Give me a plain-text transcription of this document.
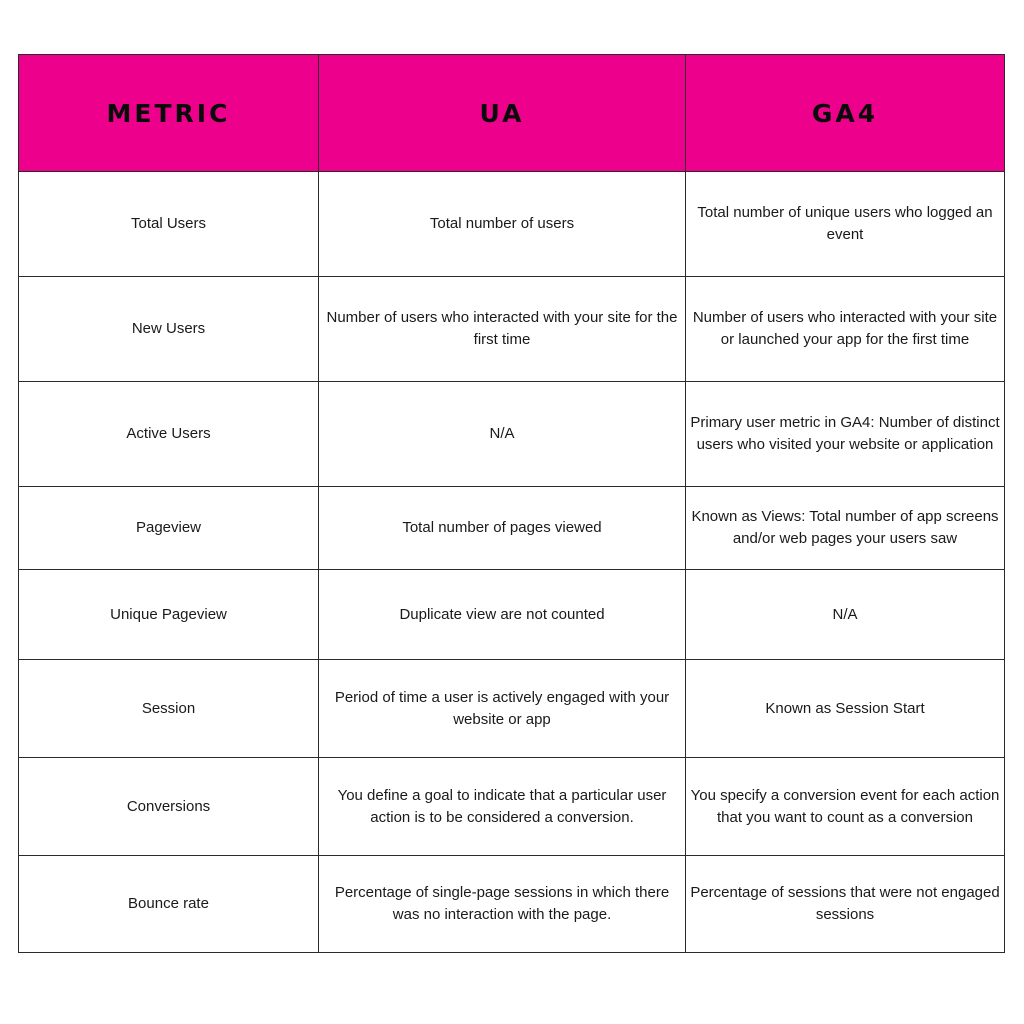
METRIC	UA	GA4

Total Users	Total number of users	Total number of unique users who logged an event

New Users	Number of users who interacted with your site for the first time	Number of users who interacted with your site or launched your app for the first time

Active Users	N/A	Primary user metric in GA4: Number of distinct users who visited your website or application

Pageview	Total number of pages viewed	Known as Views: Total number of app screens and/or web pages your users saw

Unique Pageview	Duplicate view are not counted	N/A

Session	Period of time a user is actively engaged with your website or app	Known as Session Start

Conversions	You define a goal to indicate that a particular user action is to be considered a conversion.	You specify a conversion event for each action that you want to count as a conversion

Bounce rate	Percentage of single-page sessions in which there was no interaction with the page.	Percentage of sessions that were not engaged sessions
